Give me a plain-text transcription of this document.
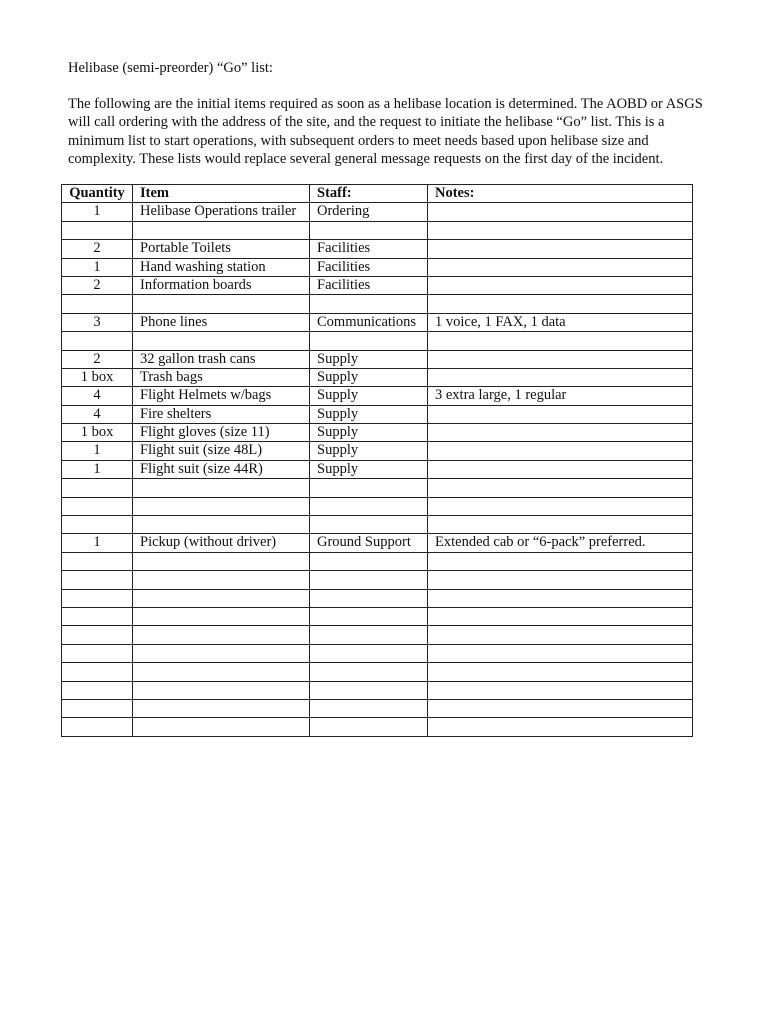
Helibase (semi-preorder) “Go” list:
The following are the initial items required as soon as a helibase location is determined. The AOBD or ASGS will call ordering with the address of the site, and the request to initiate the helibase “Go” list. This is a minimum list to start operations, with subsequent orders to meet needs based upon helibase size and complexity. These lists would replace several general message requests on the first day of the incident.
Quantity	Item	Staff:	Notes:
1	Helibase Operations trailer	Ordering	

2	Portable Toilets	Facilities	
1	Hand washing station	Facilities	
2	Information boards	Facilities	

3	Phone lines	Communications	1 voice, 1 FAX, 1 data

2	32 gallon trash cans	Supply	
1 box	Trash bags	Supply	
4	Flight Helmets w/bags	Supply	3 extra large, 1 regular
4	Fire shelters	Supply	
1 box	Flight gloves (size 11)	Supply	
1	Flight suit (size 48L)	Supply	
1	Flight suit (size 44R)	Supply	

1	Pickup (without driver)	Ground Support	Extended cab or “6-pack” preferred.
